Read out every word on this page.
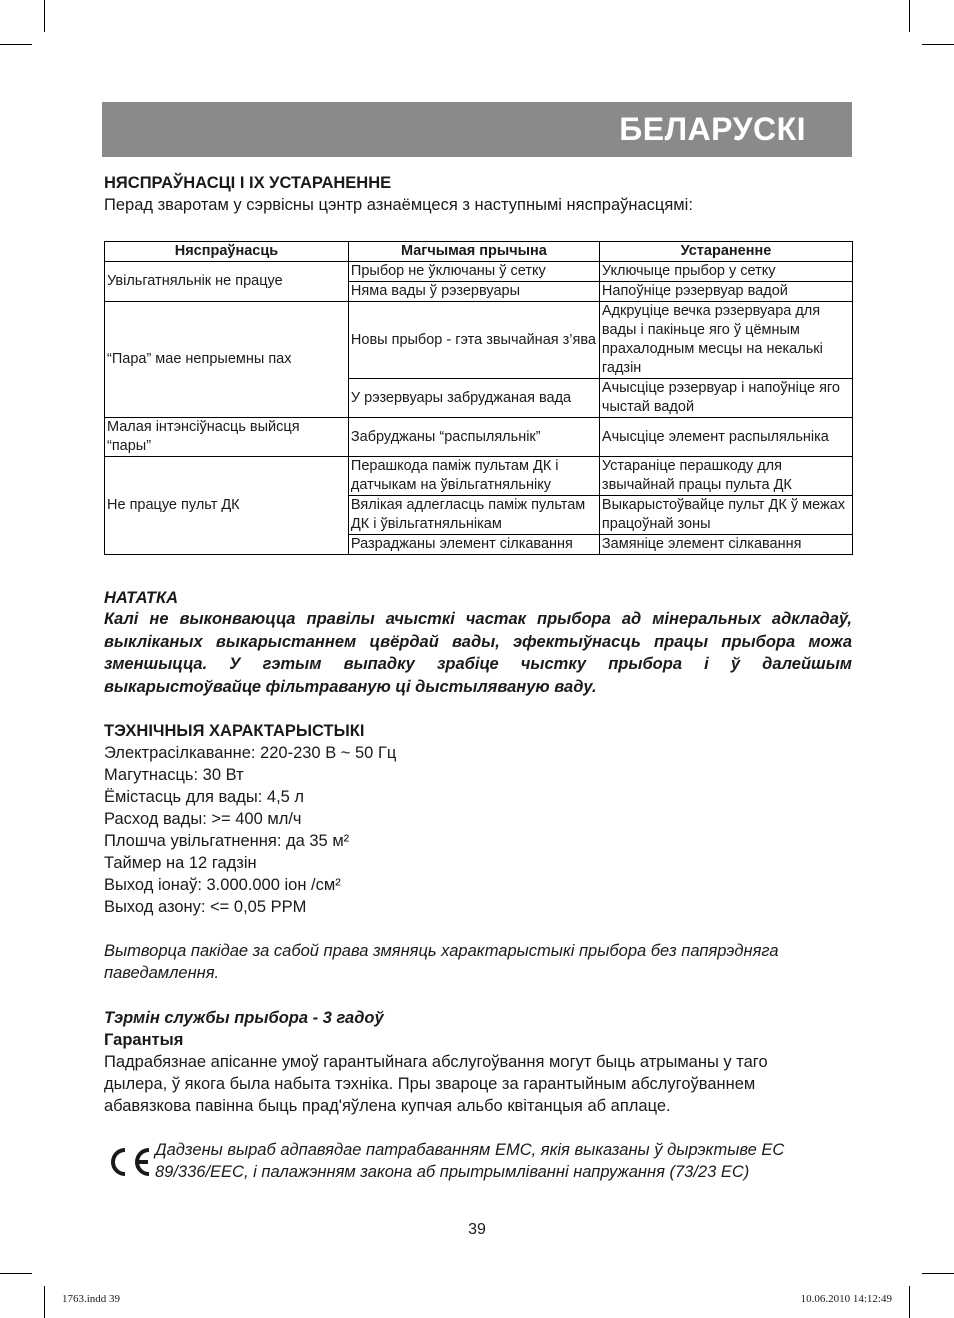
БЕЛАРУСКІ
НЯСПРАЎНАСЦІ І ІХ УСТАРАНЕННЕ
Перад зваротам у сэрвісны цэнтр азнаёмцеся з наступнымі няспраўнасцямі:
Няспраўнасць	Магчымая прычына	Устараненне
Увільгатняльнік не працуе	Прыбор не ўключаны ў сетку	Уключыце прыбор у сетку
	Няма вады ў рэзервуары	Напоўніце рэзервуар вадой
“Пара” мае непрыемны пах	Новы прыбор - гэта звычайная з’ява	Адкруціце вечка рэзервуара для вады і пакіньце яго ў цёмным прахалодным месцы на некалькі гадзін
	У рэзервуары забруджаная вада	Ачысціце рэзервуар і напоўніце яго чыстай вадой
Малая інтэнсіўнасць выйсця “пары”	Забруджаны “распыляльнік”	Ачысціце элемент распыляльніка
Не працуе пульт ДК	Перашкода паміж пультам ДК і датчыкам на ўвільгатняльніку	Устараніце перашкоду для звычайнай працы пульта ДК
	Вялікая адлегласць паміж пультам ДК і ўвільгатняльнікам	Выкарыстоўвайце пульт ДК ў межах працоўнай зоны
	Разраджаны элемент сілкавання	Замяніце элемент сілкавання
НАТАТКА
Калі не выконваюцца правілы ачысткі частак прыбора ад мінеральных адкладаў, выкліканых выкарыстаннем цвёрдай вады, эфектыўнасць працы прыбора можа зменшыцца. У гэтым выпадку зрабіце чыстку прыбора і ў далейшым выкарыстоўвайце фільтраваную ці дыстыляваную ваду.
ТЭХНІЧНЫЯ ХАРАКТАРЫСТЫКІ
Электрасілкаванне: 220-230 В ~ 50 Гц
Магутнасць: 30 Вт
Ёмістасць для вады: 4,5 л
Расход вады: >= 400 мл/ч
Плошча увільгатнення: да 35 м²
Таймер на 12 гадзін
Выход іонаў: 3.000.000 іон /см²
Выход азону: <= 0,05 PPM
Вытворца пакідае за сабой права змяняць характарыстыкі прыбора без папярэдняга
паведамлення.
Тэрмін службы прыбора - 3 гадоў
Гарантыя
Падрабязнае апісанне умоў гарантыйнага абслугоўвання могут быць атрыманы у таго
дылера, ў якога была набыта тэхніка. Пры звароце за гарантыйным абслугоўваннем
абавязкова павінна быць прад'яўлена купчая альбо квітанцыя аб аплаце.
Дадзены выраб адпавядае патрабаванням EMC, якія выказаны ў дырэктыве EC
89/336/EEC, і палажэнням закона аб прытрымліванні напружання (73/23 EC)
39
1763.indd 39	10.06.2010 14:12:49
